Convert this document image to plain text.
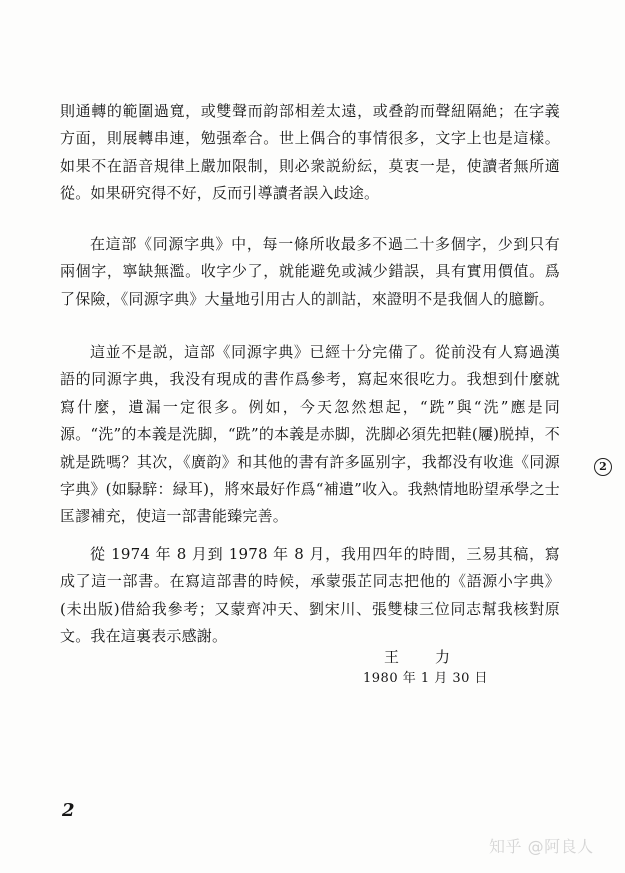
則通轉的範圍過寬，或雙聲而韵部相差太遠，或叠韵而聲紐隔絶；在字義方面，則展轉串連，勉强牽合。世上偶合的事情很多，文字上也是這樣。如果不在語音規律上嚴加限制，則必衆説紛紜，莫衷一是，使讀者無所適從。如果研究得不好，反而引導讀者誤入歧途。

在這部《同源字典》中，每一條所收最多不過二十多個字，少到只有兩個字，寧缺無濫。收字少了，就能避免或減少錯誤，具有實用價值。爲了保險，《同源字典》大量地引用古人的訓詁，來證明不是我個人的臆斷。

這並不是説，這部《同源字典》已經十分完備了。從前没有人寫過漢語的同源字典，我没有現成的書作爲參考，寫起來很吃力。我想到什麼就寫什麼，遺漏一定很多。例如，今天忽然想起，“跣”與“洗”應是同源。“洗”的本義是洗脚，“跣”的本義是赤脚，洗脚必須先把鞋(屨)脱掉，不就是跣嗎？其次，《廣韵》和其他的書有許多區别字，我都没有收進《同源字典》(如騄騂：緑耳)，將來最好作爲“補遺”收入。我熱情地盼望承學之士匡謬補充，使這一部書能臻完善。

從 1974 年 8 月到 1978 年 8 月，我用四年的時間，三易其稿，寫成了這一部書。在寫這部書的時候，承蒙張芷同志把他的《語源小字典》(未出版)借給我參考；又蒙齊冲天、劉宋川、張雙棣三位同志幫我核對原文。我在這裏表示感謝。

王力
1980 年 1 月 30 日
2
2
知乎 @阿良人
